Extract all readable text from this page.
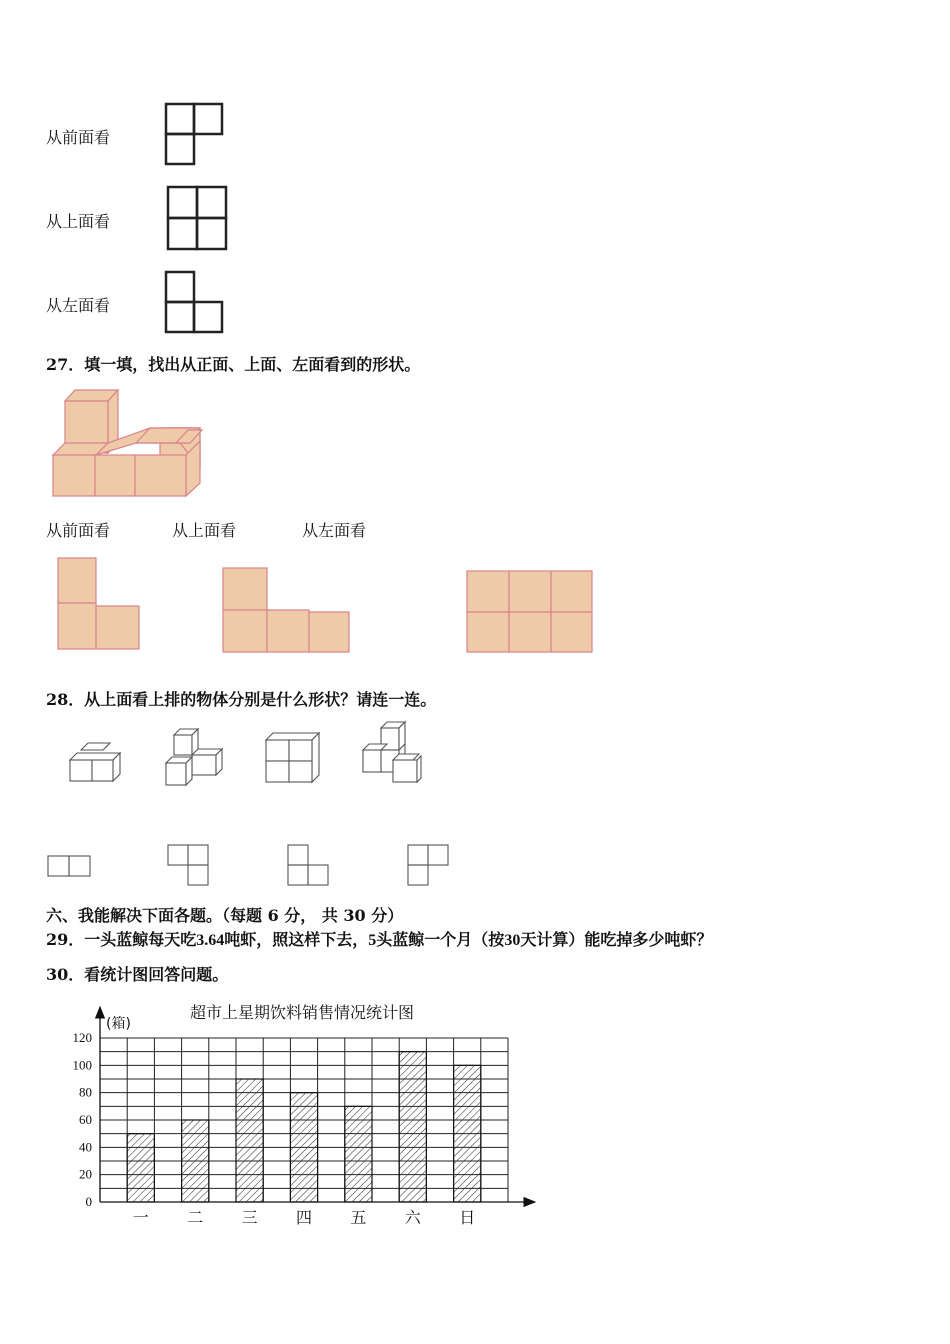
从前面看
从上面看
从左面看
27．填一填，找出从正面、上面、左面看到的形状。
从前面看	从上面看	从左面看
28．从上面看上排的物体分别是什么形状？请连一连。
六、我能解决下面各题。（每题 6 分， 共 30 分）
29．一头蓝鲸每天吃3.64吨虾，照这样下去，5头蓝鲸一个月（按30天计算）能吃掉多少吨虾？
30．看统计图回答问题。
超市上星期饮料销售情况统计图
(箱)
0
20
40
60
80
100
120
一 二 三 四 五 六 日
